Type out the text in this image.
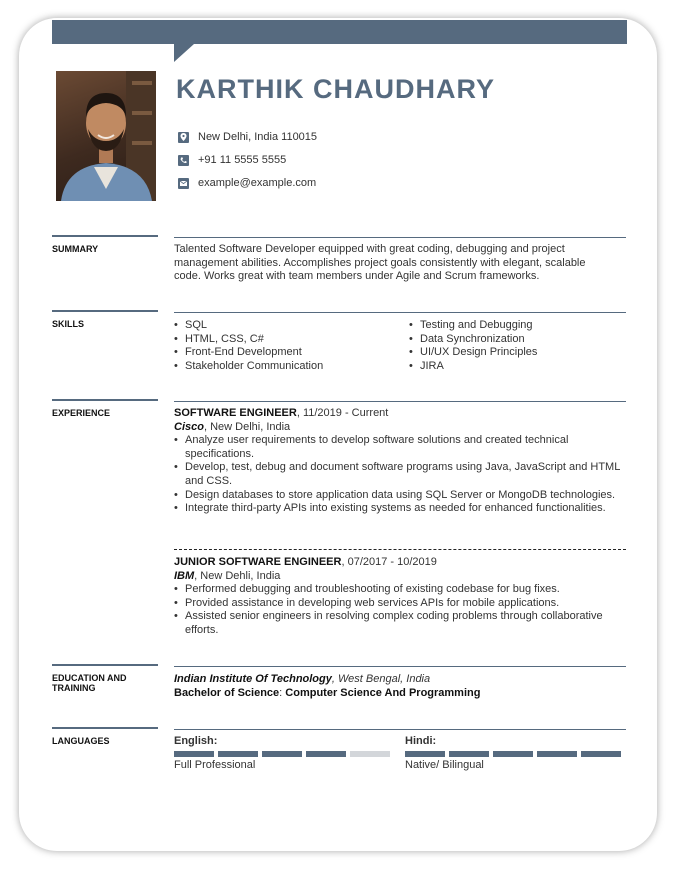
KARTHIK CHAUDHARY
New Delhi, India 110015
+91 11 5555 5555
example@example.com
SUMMARY	Talented Software Developer equipped with great coding, debugging and project
management abilities. Accomplishes project goals consistently with elegant, scalable
code. Works great with team members under Agile and Scrum frameworks.
SKILLS
•	SQL
• HTML, CSS, C#
• Front-End Development
• Stakeholder Communication
• Testing and Debugging
• Data Synchronization
• UI/UX Design Principles
• JIRA
EXPERIENCE	SOFTWARE ENGINEER, 11/2019 - Current
Cisco, New Delhi, India
• Analyze user requirements to develop software solutions and created technical specifications.
• Develop, test, debug and document software programs using Java, JavaScript and HTML and CSS.
• Design databases to store application data using SQL Server or MongoDB technologies.
• Integrate third-party APIs into existing systems as needed for enhanced functionalities.
JUNIOR SOFTWARE ENGINEER, 07/2017 - 10/2019
IBM, New Dehli, India
• Performed debugging and troubleshooting of existing codebase for bug fixes.
• Provided assistance in developing web services APIs for mobile applications.
• Assisted senior engineers in resolving complex coding problems through collaborative efforts.
EDUCATION AND
TRAINING
Indian Institute Of Technology, West Bengal, India
Bachelor of Science: Computer Science And Programming
LANGUAGES	English:
Full Professional
Hindi:
Native/ Bilingual
